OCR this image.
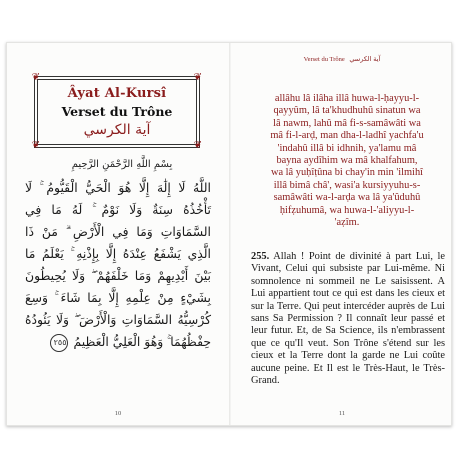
❦	❦
❦	❦
Âyat Al-Kursî
Verset du Trône
آية الكرسي
بِسْمِ اللَّهِ الرَّحْمَنِ الرَّحِيمِ
اللَّهُ لَا إِلَٰهَ إِلَّا هُوَ الْحَيُّ الْقَيُّومُ ۚ لَا تَأْخُذُهُ سِنَةٌ وَلَا نَوْمٌ ۚ لَهُ مَا فِي السَّمَاوَاتِ وَمَا فِي الْأَرْضِ ۗ مَنْ ذَا الَّذِي يَشْفَعُ عِنْدَهُ إِلَّا بِإِذْنِهِ ۚ يَعْلَمُ مَا بَيْنَ أَيْدِيهِمْ وَمَا خَلْفَهُمْ ۖ وَلَا يُحِيطُونَ بِشَيْءٍ مِنْ عِلْمِهِ إِلَّا بِمَا شَاءَ ۚ وَسِعَ كُرْسِيُّهُ السَّمَاوَاتِ وَالْأَرْضَ ۖ وَلَا يَئُودُهُ حِفْظُهُمَا ۚ وَهُوَ الْعَلِيُّ الْعَظِيمُ ٢٥٥
10
Verset du Trône آية الكرسي
allâhu lâ ilâha illâ huwa-l-ḥayyu-l-
qayyûm, lâ ta'khudhuhû sinatun wa
lâ nawm, lahû mâ fi-s-samâwâti wa
mâ fi-l-arḍ, man dha-l-ladhî yachfa'u
'indahû illâ bi idhnih, ya'lamu mâ
bayna aydîhim wa mâ khalfahum,
wa lâ yuḥîṭûna bi chay'in min 'ilmihî
illâ bimâ châ', wasi'a kursiyyuhu-s-
samâwâti wa-l-arḍa wa lâ ya'ûduhû
ḥifẓuhumâ, wa huwa-l-'aliyyu-l-
'aẓîm.
255. Allah ! Point de divinité à part Lui, le Vivant, Celui qui subsiste par Lui-même. Ni somnolence ni sommeil ne Le saisissent. A Lui appartient tout ce qui est dans les cieux et sur la Terre. Qui peut intercéder auprès de Lui sans Sa Permission ? Il connaît leur passé et leur futur. Et, de Sa Science, ils n'embrassent que ce qu'Il veut. Son Trône s'étend sur les cieux et la Terre dont la garde ne Lui coûte aucune peine. Et Il est le Très-Haut, le Très-Grand.
11
